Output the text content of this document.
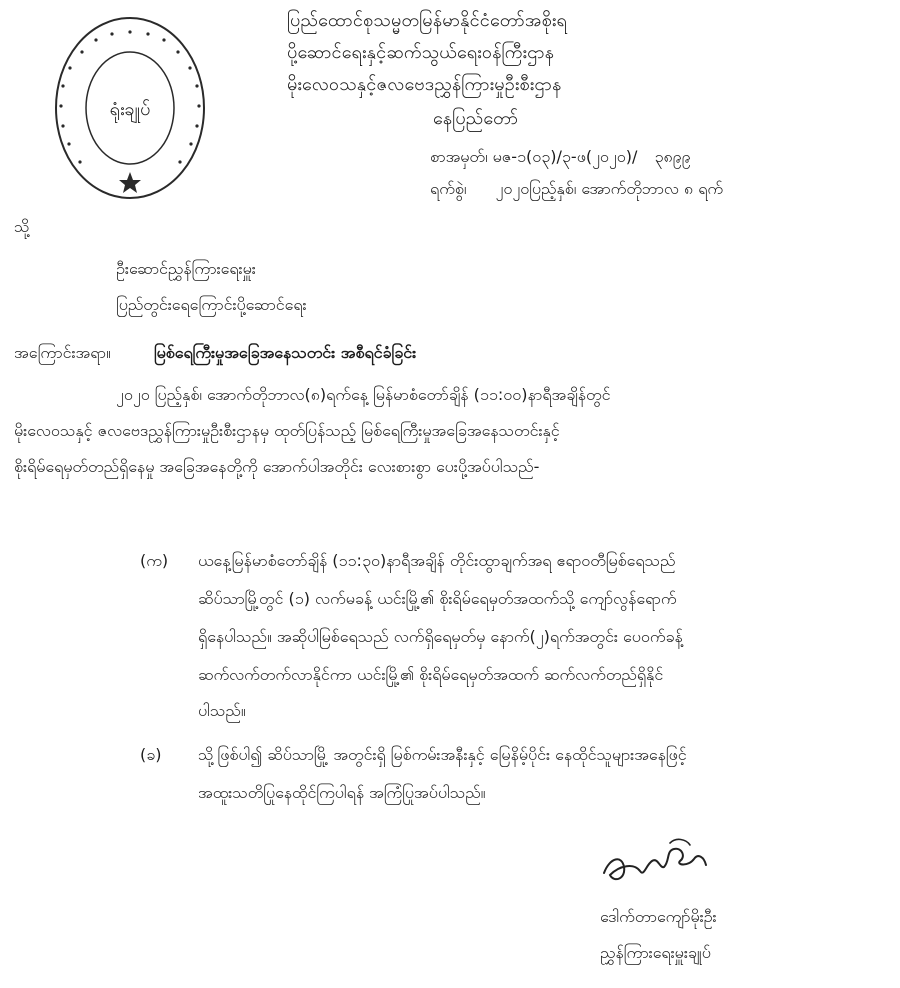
ရုံးချုပ်
ပြည်ထောင်စုသမ္မတမြန်မာနိုင်ငံတော်အစိုးရ
ပို့ဆောင်ရေးနှင့်ဆက်သွယ်ရေးဝန်ကြီးဌာန
မိုးလေဝသနှင့်ဇလဗေဒညွှန်ကြားမှုဦးစီးဌာန
နေပြည်တော်
စာအမှတ်၊ မဇ-၁(၀၃)/၃-ဖ(၂၀၂၀)/ ၃၈၉၉
ရက်စွဲ၊ ၂၀၂၀ပြည့်နှစ်၊ အောက်တိုဘာလ ၈ ရက်
သို့
ဦးဆောင်ညွှန်ကြားရေးမှူး
ပြည်တွင်းရေကြောင်းပို့ဆောင်ရေး
အကြောင်းအရာ။	မြစ်ရေကြီးမှုအခြေအနေသတင်း အစီရင်ခံခြင်း
၂၀၂၀ ပြည့်နှစ်၊ အောက်တိုဘာလ(၈)ရက်နေ့ မြန်မာစံတော်ချိန် (၁၁:၀၀)နာရီအချိန်တွင်
မိုးလေဝသနှင့် ဇလဗေဒညွှန်ကြားမှုဦးစီးဌာနမှ ထုတ်ပြန်သည့် မြစ်ရေကြီးမှုအခြေအနေသတင်းနှင့်
စိုးရိမ်ရေမှတ်တည်ရှိနေမှု အခြေအနေတို့ကို အောက်ပါအတိုင်း လေးစားစွာ ပေးပို့အပ်ပါသည်-
(က) ယနေ့မြန်မာစံတော်ချိန် (၁၁:၃၀)နာရီအချိန် တိုင်းထွာချက်အရ ဧရာဝတီမြစ်ရေသည်
ဆိပ်သာမြို့တွင် (၁) လက်မခန့် ယင်းမြို့၏ စိုးရိမ်ရေမှတ်အထက်သို့ ကျော်လွန်ရောက်
ရှိနေပါသည်။ အဆိုပါမြစ်ရေသည် လက်ရှိရေမှတ်မှ နောက်(၂)ရက်အတွင်း ပေ၀က်ခန့်
ဆက်လက်တက်လာနိုင်ကာ ယင်းမြို့၏ စိုးရိမ်ရေမှတ်အထက် ဆက်လက်တည်ရှိနိုင်
ပါသည်။
(ခ) သို့ဖြစ်ပါ၍ ဆိပ်သာမြို့ အတွင်းရှိ မြစ်ကမ်းအနီးနှင့် မြေနိမ့်ပိုင်း နေထိုင်သူများအနေဖြင့်
အထူးသတိပြုနေထိုင်ကြပါရန် အကြံပြုအပ်ပါသည်။
ဒေါက်တာကျော်မိုးဦး
ညွှန်ကြားရေးမှူးချုပ်
